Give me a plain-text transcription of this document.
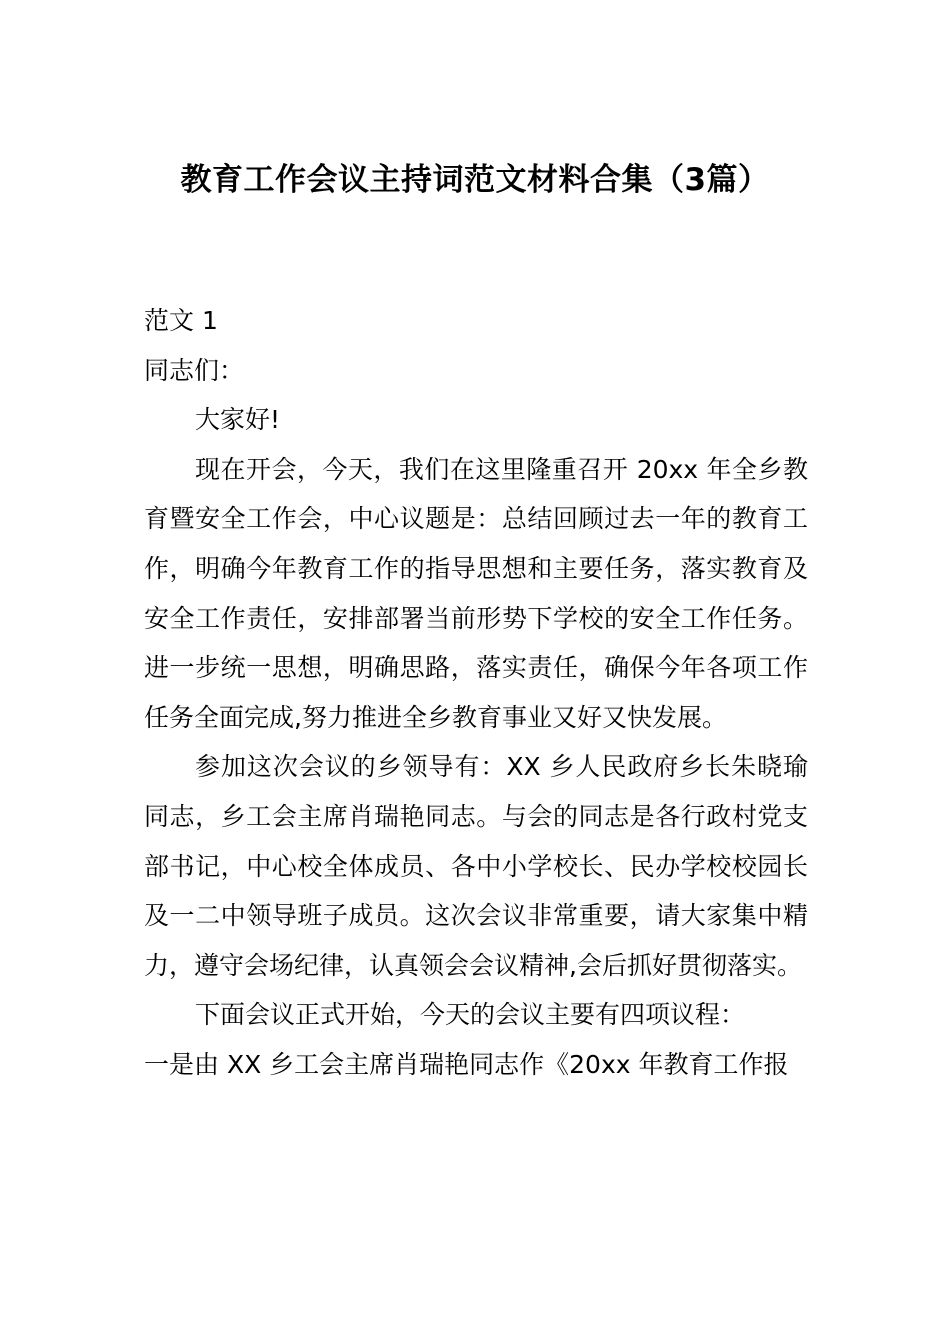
教育工作会议主持词范文材料合集（3篇）

范文 1

同志们：

大家好!

现在开会，今天，我们在这里隆重召开 20xx 年全乡教育暨安全工作会，中心议题是：总结回顾过去一年的教育工作，明确今年教育工作的指导思想和主要任务，落实教育及安全工作责任，安排部署当前形势下学校的安全工作任务。进一步统一思想，明确思路，落实责任，确保今年各项工作任务全面完成,努力推进全乡教育事业又好又快发展。

参加这次会议的乡领导有：XX 乡人民政府乡长朱晓瑜同志，乡工会主席肖瑞艳同志。与会的同志是各行政村党支部书记，中心校全体成员、各中小学校长、民办学校校园长及一二中领导班子成员。这次会议非常重要，请大家集中精力，遵守会场纪律，认真领会会议精神,会后抓好贯彻落实。

下面会议正式开始，今天的会议主要有四项议程：

一是由 XX 乡工会主席肖瑞艳同志作《20xx 年教育工作报
